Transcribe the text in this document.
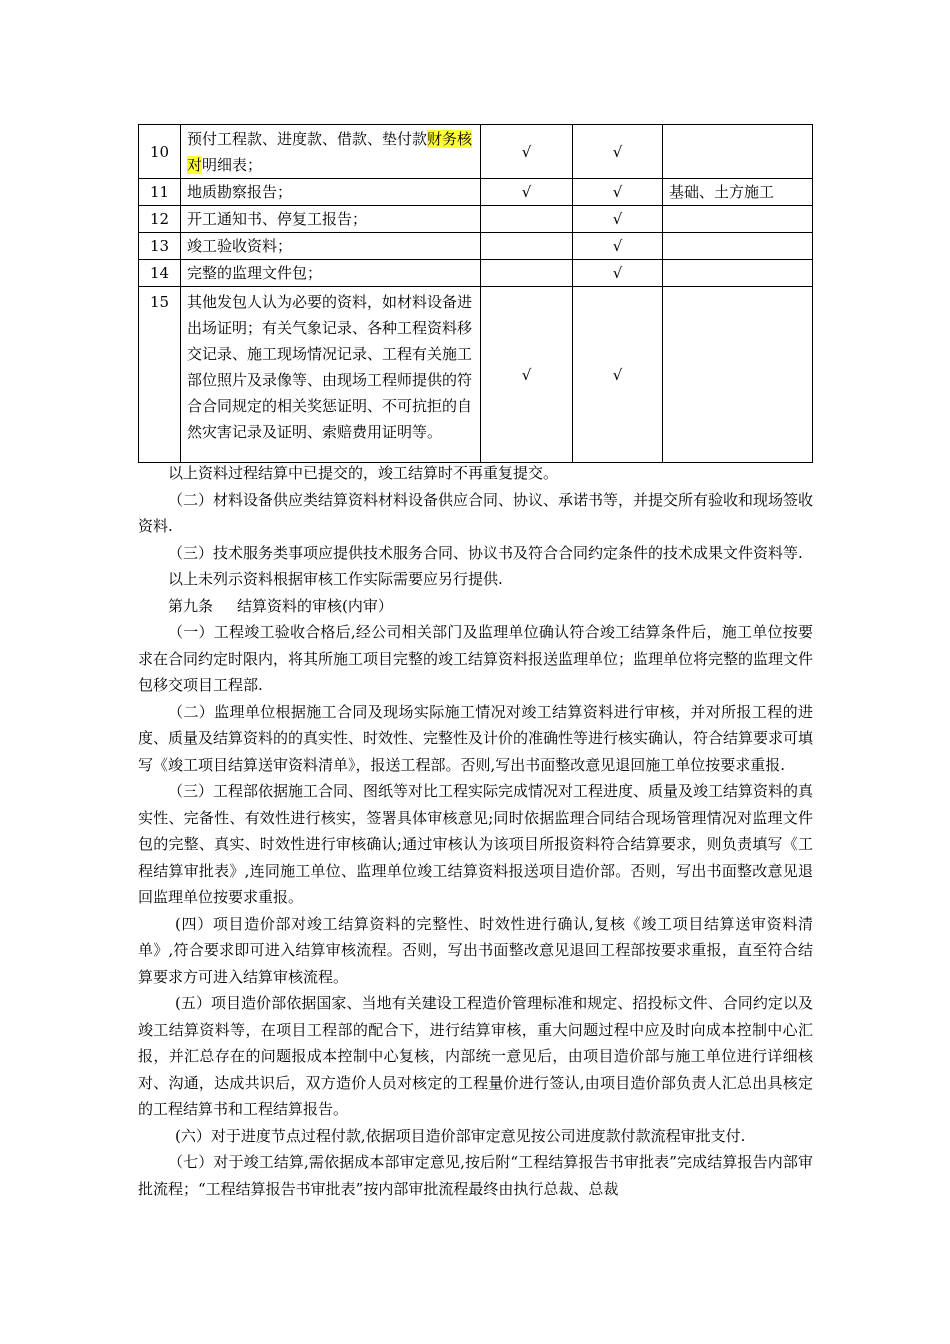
10	预付工程款、进度款、借款、垫付款财务核对明细表；	√	√	
11	地质勘察报告；	√	√	基础、土方施工
12	开工通知书、停复工报告；		√	
13	竣工验收资料；		√	
14	完整的监理文件包；		√	
15	其他发包人认为必要的资料，如材料设备进出场证明；有关气象记录、各种工程资料移交记录、施工现场情况记录、工程有关施工部位照片及录像等、由现场工程师提供的符合合同规定的相关奖惩证明、不可抗拒的自然灾害记录及证明、索赔费用证明等。	√	√	

以上资料过程结算中已提交的，竣工结算时不再重复提交。

（二）材料设备供应类结算资料材料设备供应合同、协议、承诺书等，并提交所有验收和现场签收资料.

（三）技术服务类事项应提供技术服务合同、协议书及符合合同约定条件的技术成果文件资料等.

以上未列示资料根据审核工作实际需要应另行提供.

第九条 结算资料的审核(内审）

（一）工程竣工验收合格后,经公司相关部门及监理单位确认符合竣工结算条件后，施工单位按要求在合同约定时限内，将其所施工项目完整的竣工结算资料报送监理单位；监理单位将完整的监理文件包移交项目工程部.

（二）监理单位根据施工合同及现场实际施工情况对竣工结算资料进行审核，并对所报工程的进度、质量及结算资料的的真实性、时效性、完整性及计价的准确性等进行核实确认，符合结算要求可填写《竣工项目结算送审资料清单》，报送工程部。否则,写出书面整改意见退回施工单位按要求重报.

（三）工程部依据施工合同、图纸等对比工程实际完成情况对工程进度、质量及竣工结算资料的真实性、完备性、有效性进行核实，签署具体审核意见;同时依据监理合同结合现场管理情况对监理文件包的完整、真实、时效性进行审核确认;通过审核认为该项目所报资料符合结算要求，则负责填写《工程结算审批表》,连同施工单位、监理单位竣工结算资料报送项目造价部。否则，写出书面整改意见退回监理单位按要求重报。

(四）项目造价部对竣工结算资料的完整性、时效性进行确认,复核《竣工项目结算送审资料清单》,符合要求即可进入结算审核流程。否则，写出书面整改意见退回工程部按要求重报，直至符合结算要求方可进入结算审核流程。

(五）项目造价部依据国家、当地有关建设工程造价管理标准和规定、招投标文件、合同约定以及竣工结算资料等，在项目工程部的配合下，进行结算审核，重大问题过程中应及时向成本控制中心汇报，并汇总存在的问题报成本控制中心复核，内部统一意见后，由项目造价部与施工单位进行详细核对、沟通，达成共识后，双方造价人员对核定的工程量价进行签认,由项目造价部负责人汇总出具核定的工程结算书和工程结算报告。

(六）对于进度节点过程付款,依据项目造价部审定意见按公司进度款付款流程审批支付.

（七）对于竣工结算,需依据成本部审定意见,按后附“工程结算报告书审批表”完成结算报告内部审批流程；“工程结算报告书审批表”按内部审批流程最终由执行总裁、总裁
